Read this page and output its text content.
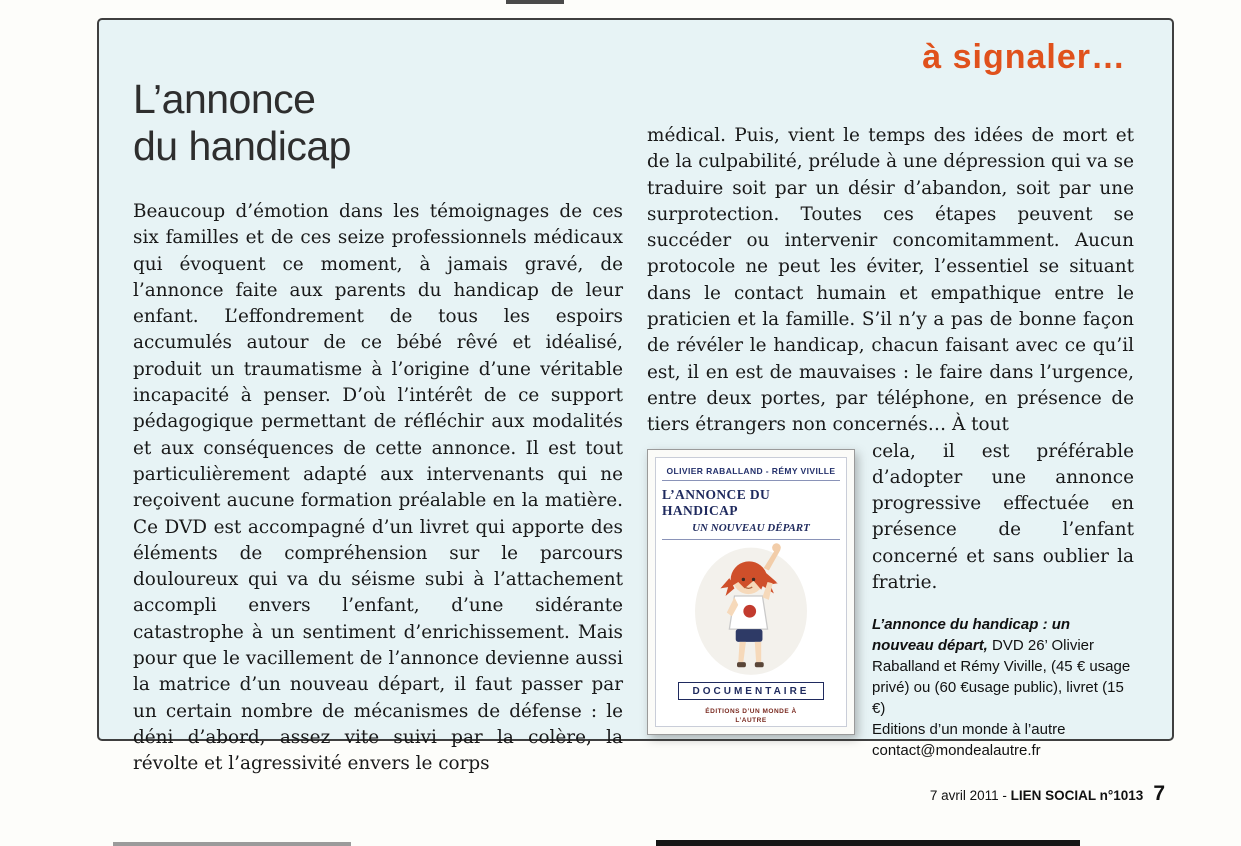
à signaler…
L’annonce
du handicap
Beaucoup d’émotion dans les témoignages de ces six familles et de ces seize professionnels médicaux qui évoquent ce moment, à jamais gravé, de l’annonce faite aux parents du handicap de leur enfant. L’effondrement de tous les espoirs accumulés autour de ce bébé rêvé et idéalisé, produit un traumatisme à l’origine d’une véritable incapacité à penser. D’où l’intérêt de ce support pédagogique permettant de réfléchir aux modalités et aux conséquences de cette annonce. Il est tout particulièrement adapté aux intervenants qui ne reçoivent aucune formation préalable en la matière. Ce DVD est accompagné d’un livret qui apporte des éléments de compréhension sur le parcours douloureux qui va du séisme subi à l’attachement accompli envers l’enfant, d’une sidérante catastrophe à un sentiment d’enrichissement. Mais pour que le vacillement de l’annonce devienne aussi la matrice d’un nouveau départ, il faut passer par un certain nombre de mécanismes de défense : le déni d’abord, assez vite suivi par la colère, la révolte et l’agressivité envers le corps

médical. Puis, vient le temps des idées de mort et de la culpabilité, prélude à une dépression qui va se traduire soit par un désir d’abandon, soit par une surprotection. Toutes ces étapes peuvent se succéder ou intervenir concomitamment. Aucun protocole ne peut les éviter, l’essentiel se situant dans le contact humain et empathique entre le praticien et la famille. S’il n’y a pas de bonne façon de révéler le handicap, chacun faisant avec ce qu’il est, il en est de mauvaises : le faire dans l’urgence, entre deux portes, par téléphone, en présence de tiers étrangers non concernés… À tout

OLIVIER RABALLAND - RÉMY VIVILLE
L’ANNONCE DU HANDICAP
UN NOUVEAU DÉPART
DOCUMENTAIRE
ÉDITIONS D’UN MONDE À L’AUTRE

cela, il est préférable d’adopter une annonce progressive effectuée en présence de l’enfant concerné et sans oublier la fratrie.

L’annonce du handicap : un nouveau départ, DVD 26’ Olivier Raballand et Rémy Viville, (45 € usage privé) ou (60 €usage public), livret (15 €)
Editions d’un monde à l’autre
contact@mondealautre.fr
7 avril 2011 - LIEN SOCIAL n°1013 7
